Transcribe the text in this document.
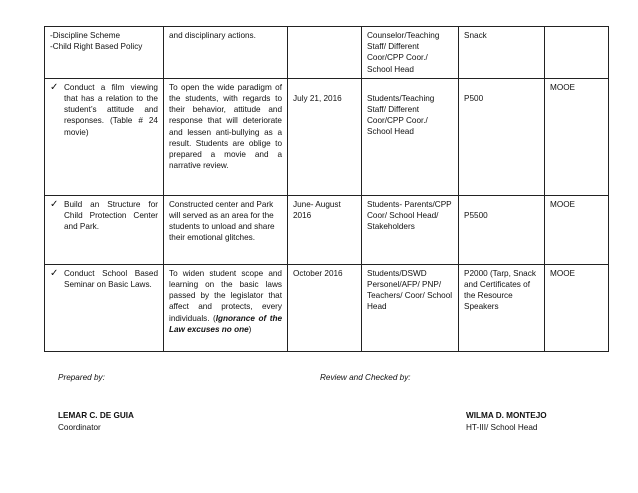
-Discipline Scheme
-Child Right Based Policy	and disciplinary actions.		Counselor/Teaching Staff/ Different Coor/CPP Coor./ School Head	Snack	

✓ Conduct a film viewing that has a relation to the student’s attitude and responses. (Table # 24 movie)	To open the wide paradigm of the students, with regards to their behavior, attitude and response that will deteriorate and lessen anti-bullying as a result. Students are oblige to prepared a movie and a narrative review.	July 21, 2016	Students/Teaching Staff/ Different Coor/CPP Coor./ School Head	P500	MOOE

✓ Build an Structure for Child Protection Center and Park.	Constructed center and Park will served as an area for the students to unload and share their emotional glitches.	June- August 2016	Students- Parents/CPP Coor/ School Head/ Stakeholders	P5500	MOOE

✓ Conduct School Based Seminar on Basic Laws.	To widen student scope and learning on the basic laws passed by the legislator that affect and protects, every individuals. (Ignorance of the Law excuses no one)	October 2016	Students/DSWD Personel/AFP/ PNP/ Teachers/ Coor/ School Head	P2000 (Tarp, Snack and Certificates of the Resource Speakers	MOOE
Prepared by:	Review and Checked by:
LEMAR C. DE GUIA
Coordinator
WILMA D. MONTEJO
HT-III/ School Head
